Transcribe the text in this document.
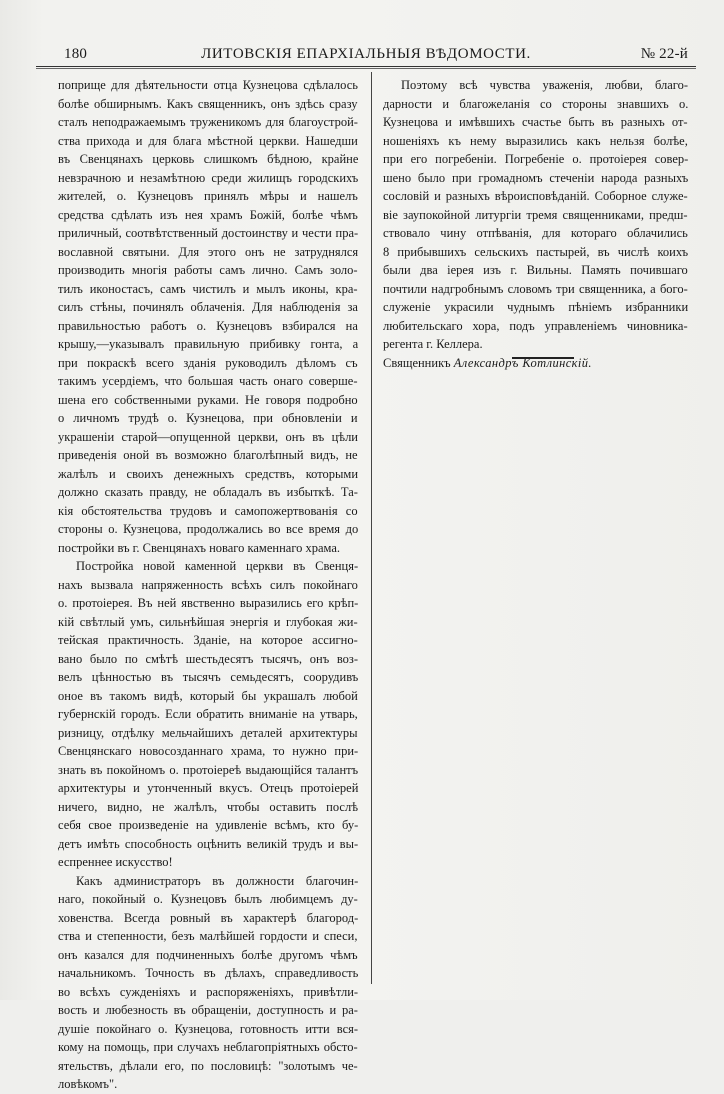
180	ЛИТОВСКІЯ ЕПАРХІАЛЬНЫЯ ВѢДОМОСТИ.	№ 22-й
поприще для дѣятельности отца Кузнецова сдѣлалось
болѣе обширнымъ. Какъ священникъ, онъ здѣсь сразу
сталъ неподражаемымъ труженикомъ для благоустрой-
ства прихода и для блага мѣстной церкви. Нашедши
въ Свенцянахъ церковь слишкомъ бѣдною, крайне
невзрачною и незамѣтною среди жилищъ городскихъ
жителей, о. Кузнецовъ принялъ мѣры и нашелъ
средства сдѣлать изъ нея храмъ Божій, болѣе чѣмъ
приличный, соотвѣтственный достоинству и чести пра-
вославной святыни. Для этого онъ не затруднялся
производить многія работы самъ лично. Самъ золо-
тилъ иконостасъ, самъ чистилъ и мылъ иконы, кра-
силъ стѣны, починялъ облаченія. Для наблюденія за
правильностью работъ о. Кузнецовъ взбирался на
крышу,—указывалъ правильную прибивку гонта, а
при покраскѣ всего зданія руководилъ дѣломъ съ
такимъ усердіемъ, что большая часть онаго соверше-
шена его собственными руками. Не говоря подробно
о личномъ трудѣ о. Кузнецова, при обновленіи и
украшеніи старой—опущенной церкви, онъ въ цѣли
приведенія оной въ возможно благолѣпный видъ, не
жалѣлъ и своихъ денежныхъ средствъ, которыми
должно сказать правду, не обладалъ въ избыткѣ. Та-
кія обстоятельства трудовъ и самопожертвованія со
стороны о. Кузнецова, продолжались во все время до
постройки въ г. Свенцянахъ новаго каменнаго храма.
Постройка новой каменной церкви въ Свенця-
нахъ вызвала напряженность всѣхъ силъ покойнаго
о. протоіерея. Въ ней явственно выразились его крѣп-
кій свѣтлый умъ, сильнѣйшая энергія и глубокая жи-
тейская практичность. Зданіе, на которое ассигно-
вано было по смѣтѣ шестьдесятъ тысячъ, онъ воз-
велъ цѣнностью въ тысячъ семьдесятъ, соорудивъ
оное въ такомъ видѣ, который бы украшалъ любой
губернскій городъ. Если обратить вниманіе на утварь,
ризницу, отдѣлку мельчайшихъ деталей архитектуры
Свенцянскаго новосозданнаго храма, то нужно при-
знать въ покойномъ о. протоіереѣ выдающійся талантъ
архитектуры и утонченный вкусъ. Отецъ протоіерей
ничего, видно, не жалѣлъ, чтобы оставить послѣ
себя свое произведеніе на удивленіе всѣмъ, кто бу-
детъ имѣть способность оцѣнить великій трудъ и вы-
еспреннее искусство!
Какъ администраторъ въ должности благочин-
наго, покойный о. Кузнецовъ былъ любимцемъ ду-
ховенства. Всегда ровный въ характерѣ благород-
ства и степенности, безъ малѣйшей гордости и спеси,
онъ казался для подчиненныхъ болѣе другомъ чѣмъ
начальникомъ. Точность въ дѣлахъ, справедливость
во всѣхъ сужденіяхъ и распоряженіяхъ, привѣтли-
вость и любезность въ обращеніи, доступность и ра-
душіе покойнаго о. Кузнецова, готовность итти вся-
кому на помощь, при случахъ неблагопріятныхъ обсто-
ятельствъ, дѣлали его, по пословицѣ: "золотымъ че-
ловѣкомъ".
Поэтому всѣ чувства уваженія, любви, благо-
дарности и благожеланія со стороны знавшихъ о.
Кузнецова и имѣвшихъ счастье быть въ разныхъ от-
ношеніяхъ къ нему выразились какъ нельзя болѣе,
при его погребеніи. Погребеніе о. протоіерея совер-
шено было при громадномъ стеченіи народа разныхъ
сословій и разныхъ вѣроисповѣданій. Соборное служе-
віе заупокойной литургіи тремя священниками, предш-
ствовало чину отпѣванія, для котораго облачились
8 прибывшихъ сельскихъ пастырей, въ числѣ коихъ
были два іерея изъ г. Вильны. Память почившаго
почтили надгробнымъ словомъ три священника, а бого-
служеніе украсили чуднымъ пѣніемъ избранники
любительскаго хора, подъ управленіемъ чиновника-
регента г. Келлера.
Священникъ Александръ Котлинскій.
